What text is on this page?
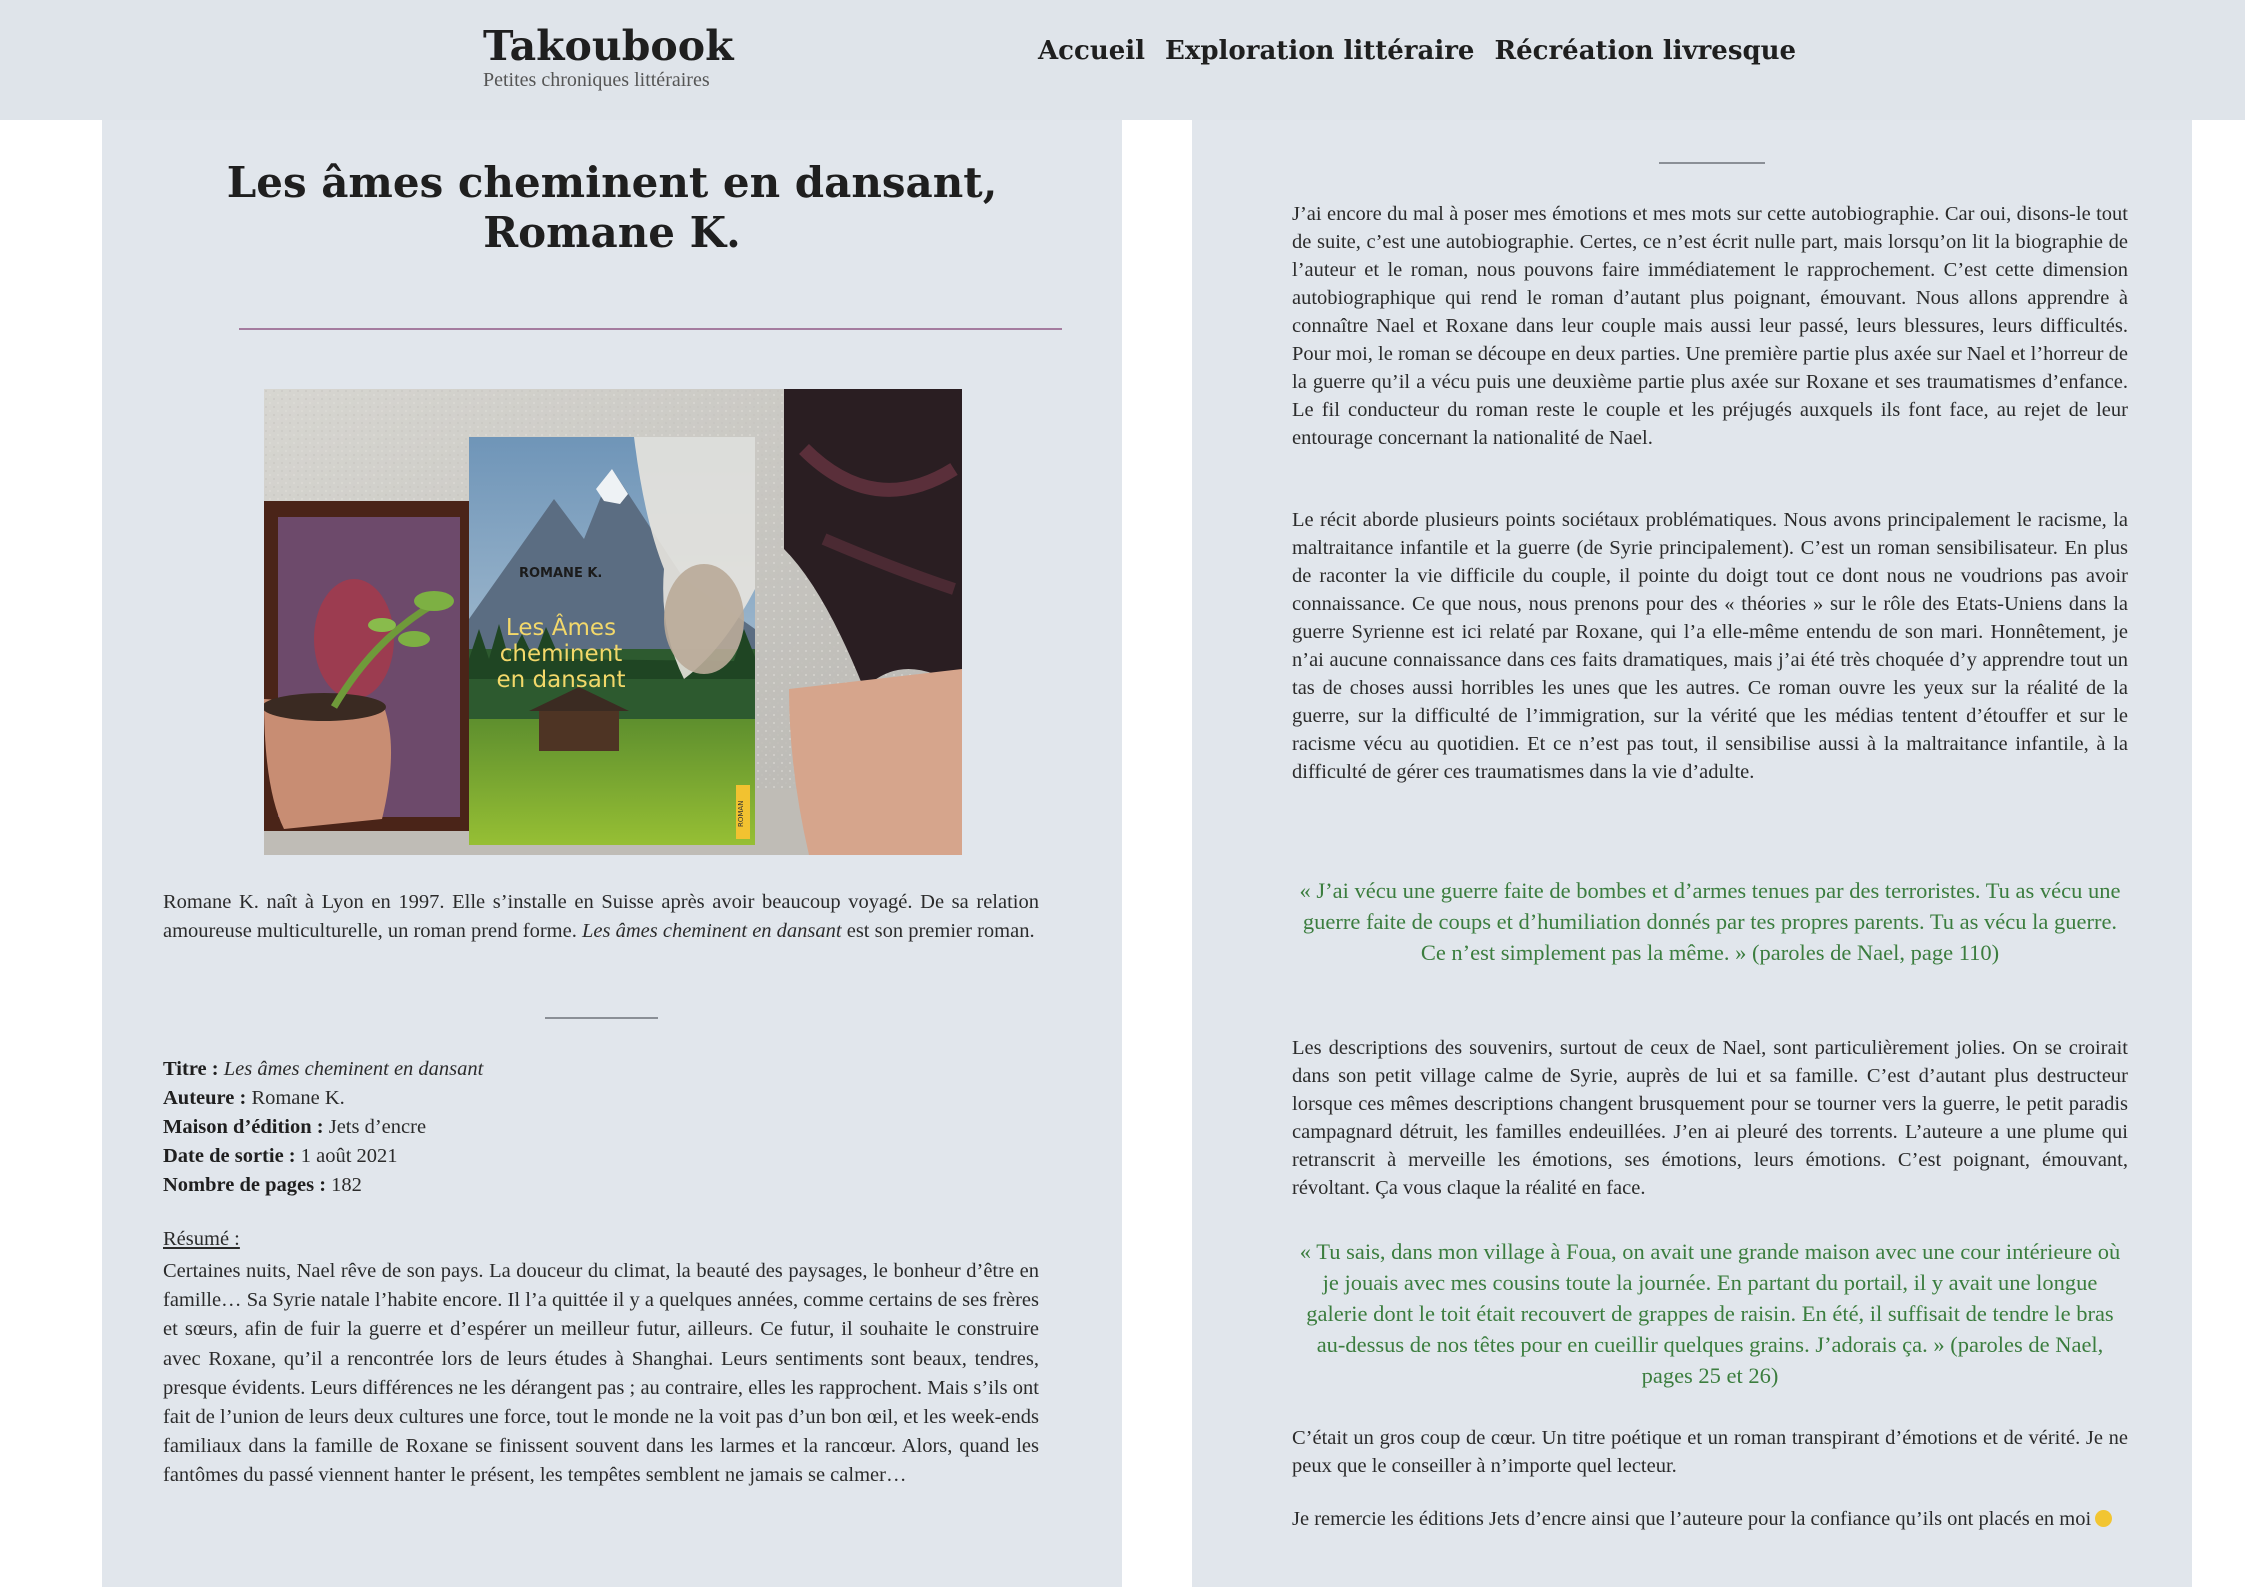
Takoubook
Petites chroniques littéraires
Accueil Exploration littéraire Récréation livresque
Les âmes cheminent en dansant,
Romane K.
ROMAN
ROMANE K.
Les Âmes
cheminent
en dansant

Romane K. naît à Lyon en 1997. Elle s’installe en Suisse après avoir beaucoup voyagé. De sa relation amoureuse multiculturelle, un roman prend forme. Les âmes cheminent en dansant est son premier roman.

Titre : Les âmes cheminent en dansant
Auteure : Romane K.
Maison d’édition : Jets d’encre
Date de sortie : 1 août 2021
Nombre de pages : 182
Résumé :

Certaines nuits, Nael rêve de son pays. La douceur du climat, la beauté des paysages, le bonheur d’être en famille… Sa Syrie natale l’habite encore. Il l’a quittée il y a quelques années, comme certains de ses frères et sœurs, afin de fuir la guerre et d’espérer un meilleur futur, ailleurs. Ce futur, il souhaite le construire avec Roxane, qu’il a rencontrée lors de leurs études à Shanghai. Leurs sentiments sont beaux, tendres, presque évidents. Leurs différences ne les dérangent pas ; au contraire, elles les rapprochent. Mais s’ils ont fait de l’union de leurs deux cultures une force, tout le monde ne la voit pas d’un bon œil, et les week-ends familiaux dans la famille de Roxane se finissent souvent dans les larmes et la rancœur. Alors, quand les fantômes du passé viennent hanter le présent, les tempêtes semblent ne jamais se calmer…

J’ai encore du mal à poser mes émotions et mes mots sur cette autobiographie. Car oui, disons-le tout de suite, c’est une autobiographie. Certes, ce n’est écrit nulle part, mais lorsqu’on lit la biographie de l’auteur et le roman, nous pouvons faire immédiatement le rapprochement. C’est cette dimension autobiographique qui rend le roman d’autant plus poignant, émouvant. Nous allons apprendre à connaître Nael et Roxane dans leur couple mais aussi leur passé, leurs blessures, leurs difficultés. Pour moi, le roman se découpe en deux parties. Une première partie plus axée sur Nael et l’horreur de la guerre qu’il a vécu puis une deuxième partie plus axée sur Roxane et ses traumatismes d’enfance. Le fil conducteur du roman reste le couple et les préjugés auxquels ils font face, au rejet de leur entourage concernant la nationalité de Nael.

Le récit aborde plusieurs points sociétaux problématiques. Nous avons principalement le racisme, la maltraitance infantile et la guerre (de Syrie principalement). C’est un roman sensibilisateur. En plus de raconter la vie difficile du couple, il pointe du doigt tout ce dont nous ne voudrions pas avoir connaissance. Ce que nous, nous prenons pour des « théories » sur le rôle des Etats-Uniens dans la guerre Syrienne est ici relaté par Roxane, qui l’a elle-même entendu de son mari. Honnêtement, je n’ai aucune connaissance dans ces faits dramatiques, mais j’ai été très choquée d’y apprendre tout un tas de choses aussi horribles les unes que les autres. Ce roman ouvre les yeux sur la réalité de la guerre, sur la difficulté de l’immigration, sur la vérité que les médias tentent d’étouffer et sur le racisme vécu au quotidien. Et ce n’est pas tout, il sensibilise aussi à la maltraitance infantile, à la difficulté de gérer ces traumatismes dans la vie d’adulte.

« J’ai vécu une guerre faite de bombes et d’armes tenues par des terroristes. Tu as vécu une guerre faite de coups et d’humiliation donnés par tes propres parents. Tu as vécu la guerre. Ce n’est simplement pas la même. » (paroles de Nael, page 110)

Les descriptions des souvenirs, surtout de ceux de Nael, sont particulièrement jolies. On se croirait dans son petit village calme de Syrie, auprès de lui et sa famille. C’est d’autant plus destructeur lorsque ces mêmes descriptions changent brusquement pour se tourner vers la guerre, le petit paradis campagnard détruit, les familles endeuillées. J’en ai pleuré des torrents. L’auteure a une plume qui retranscrit à merveille les émotions, ses émotions, leurs émotions. C’est poignant, émouvant, révoltant. Ça vous claque la réalité en face.

« Tu sais, dans mon village à Foua, on avait une grande maison avec une cour intérieure où je jouais avec mes cousins toute la journée. En partant du portail, il y avait une longue galerie dont le toit était recouvert de grappes de raisin. En été, il suffisait de tendre le bras au-dessus de nos têtes pour en cueillir quelques grains. J’adorais ça. » (paroles de Nael, pages 25 et 26)

C’était un gros coup de cœur. Un titre poétique et un roman transpirant d’émotions et de vérité. Je ne peux que le conseiller à n’importe quel lecteur.

Je remercie les éditions Jets d’encre ainsi que l’auteure pour la confiance qu’ils ont placés en moi
